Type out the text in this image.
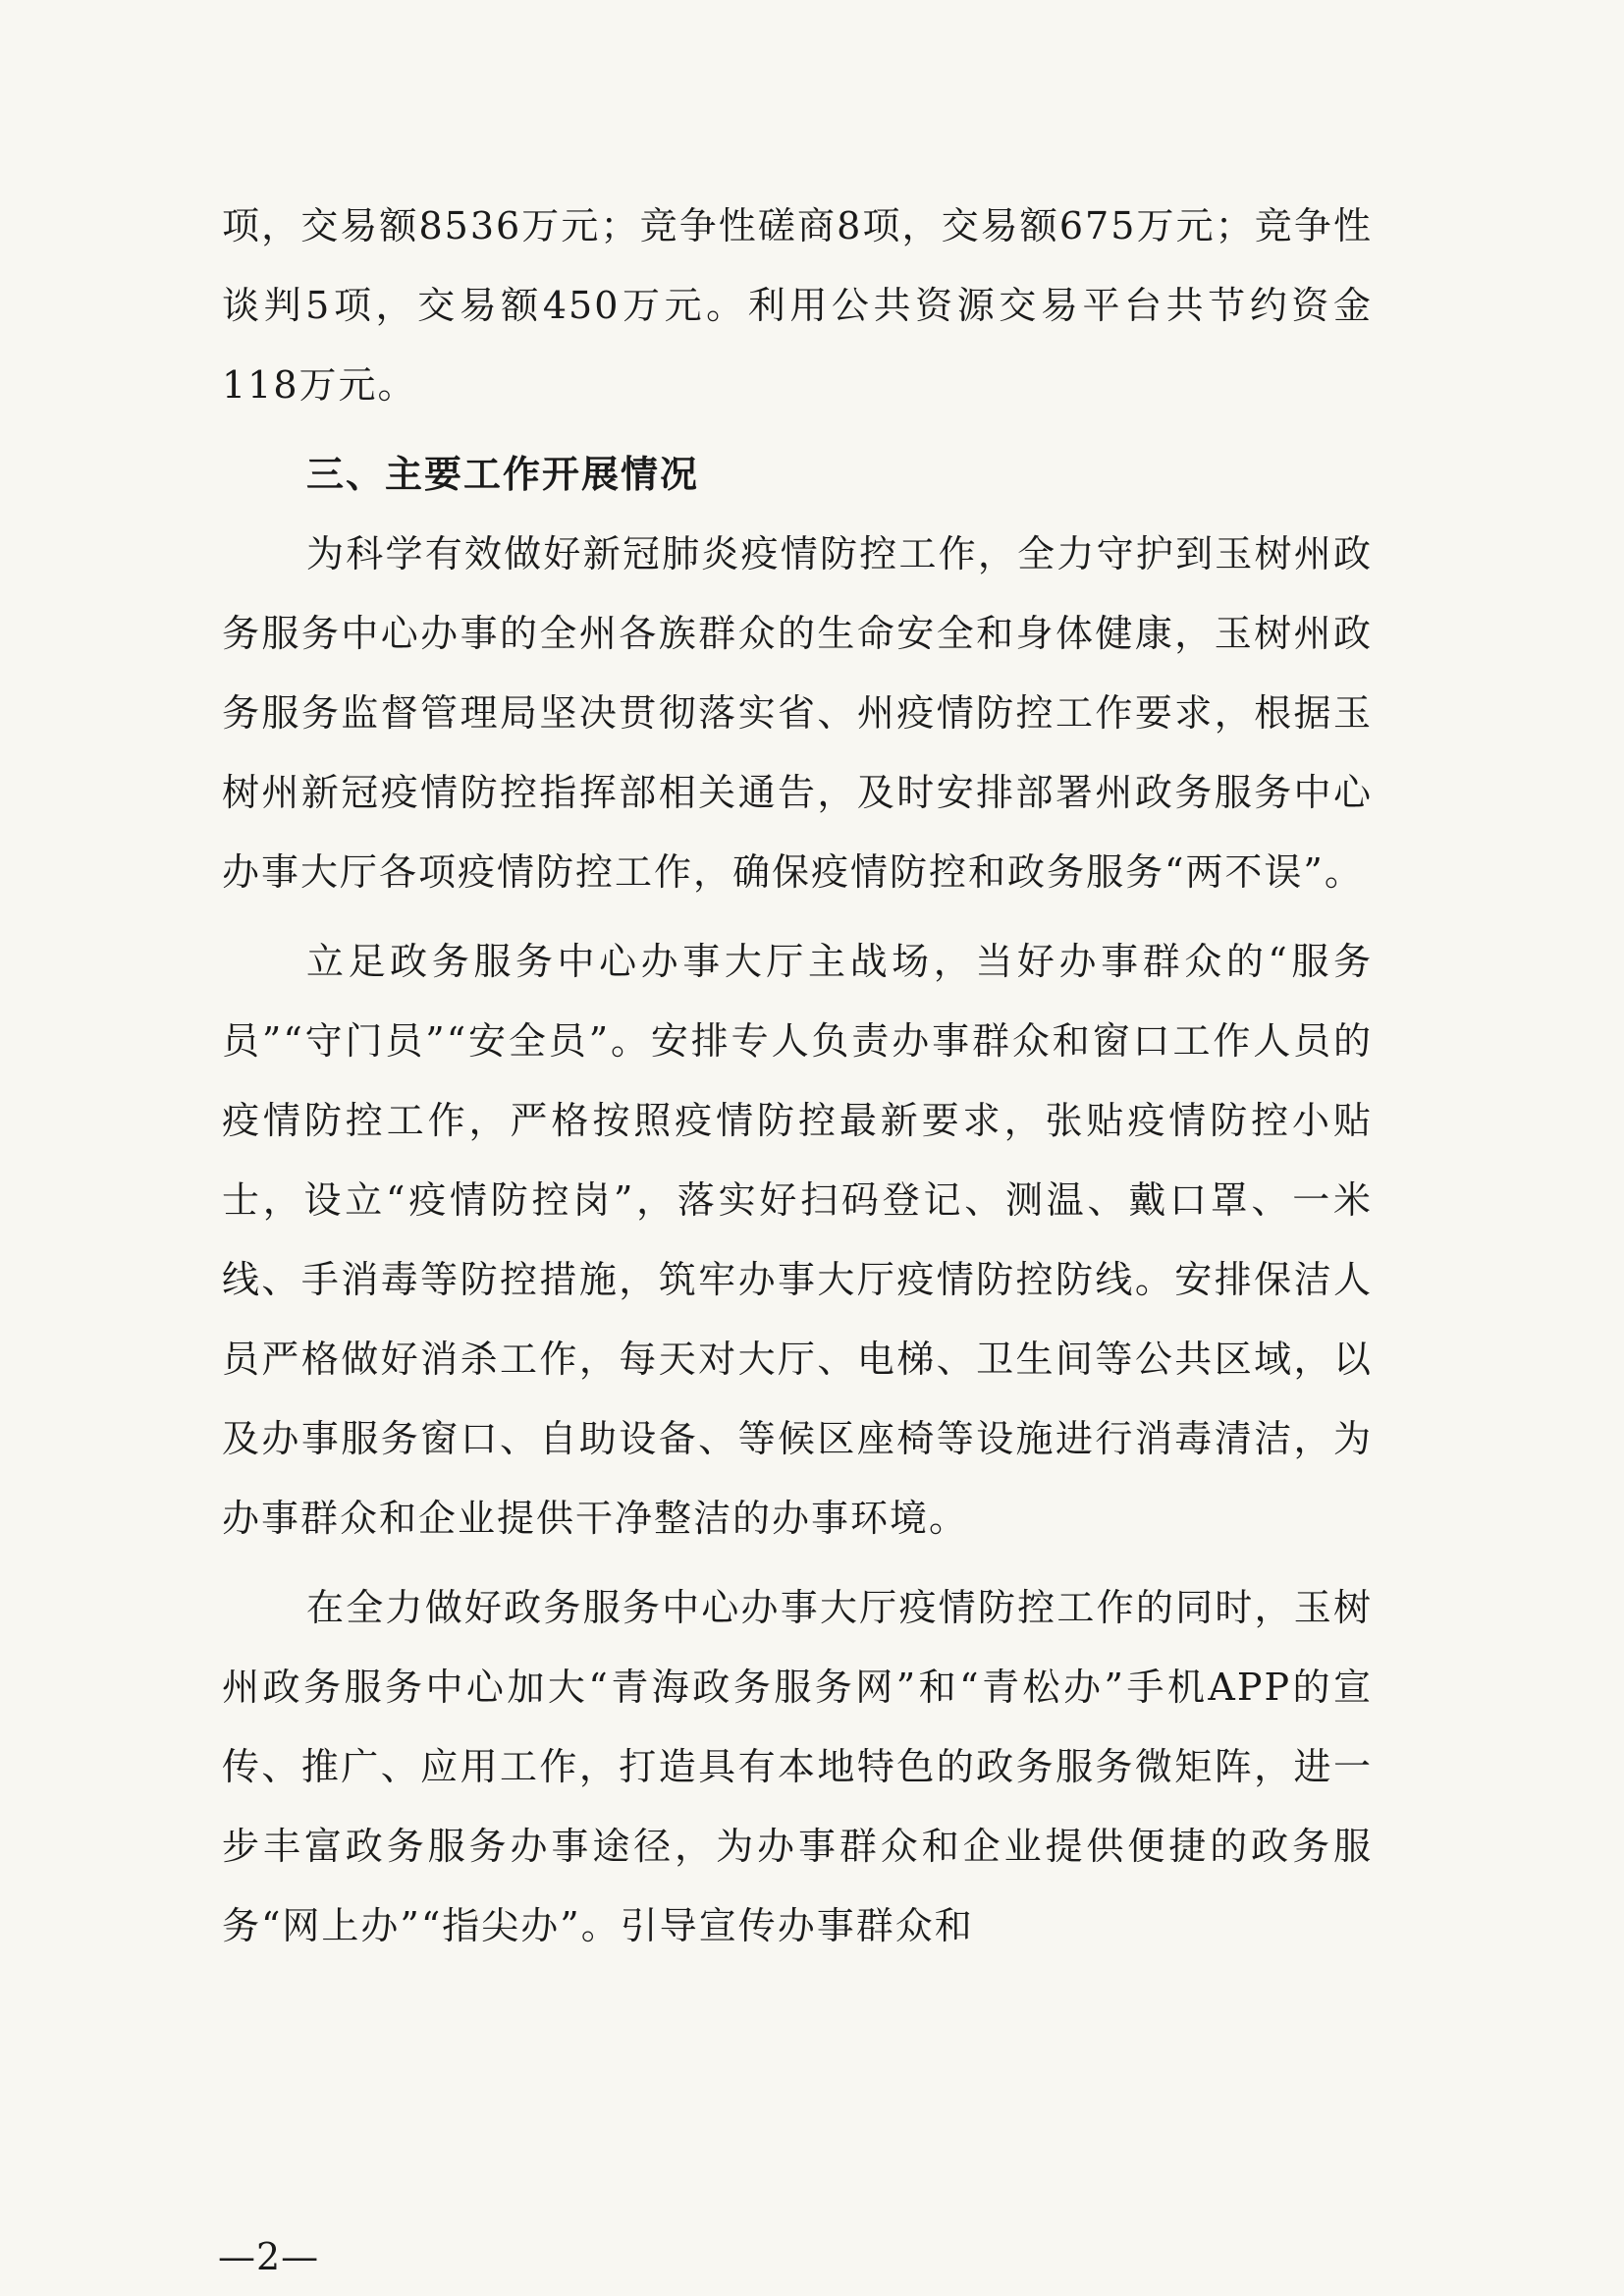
项，交易额8536万元；竞争性磋商8项，交易额675万元；竞争性谈判5项，交易额450万元。利用公共资源交易平台共节约资金118万元。

三、主要工作开展情况

为科学有效做好新冠肺炎疫情防控工作，全力守护到玉树州政务服务中心办事的全州各族群众的生命安全和身体健康，玉树州政务服务监督管理局坚决贯彻落实省、州疫情防控工作要求，根据玉树州新冠疫情防控指挥部相关通告，及时安排部署州政务服务中心办事大厅各项疫情防控工作，确保疫情防控和政务服务“两不误”。

立足政务服务中心办事大厅主战场，当好办事群众的“服务员”“守门员”“安全员”。安排专人负责办事群众和窗口工作人员的疫情防控工作，严格按照疫情防控最新要求，张贴疫情防控小贴士，设立“疫情防控岗”，落实好扫码登记、测温、戴口罩、一米线、手消毒等防控措施，筑牢办事大厅疫情防控防线。安排保洁人员严格做好消杀工作，每天对大厅、电梯、卫生间等公共区域，以及办事服务窗口、自助设备、等候区座椅等设施进行消毒清洁，为办事群众和企业提供干净整洁的办事环境。

在全力做好政务服务中心办事大厅疫情防控工作的同时，玉树州政务服务中心加大“青海政务服务网”和“青松办”手机APP的宣传、推广、应用工作，打造具有本地特色的政务服务微矩阵，进一步丰富政务服务办事途径，为办事群众和企业提供便捷的政务服务“网上办”“指尖办”。引导宣传办事群众和

—2—
